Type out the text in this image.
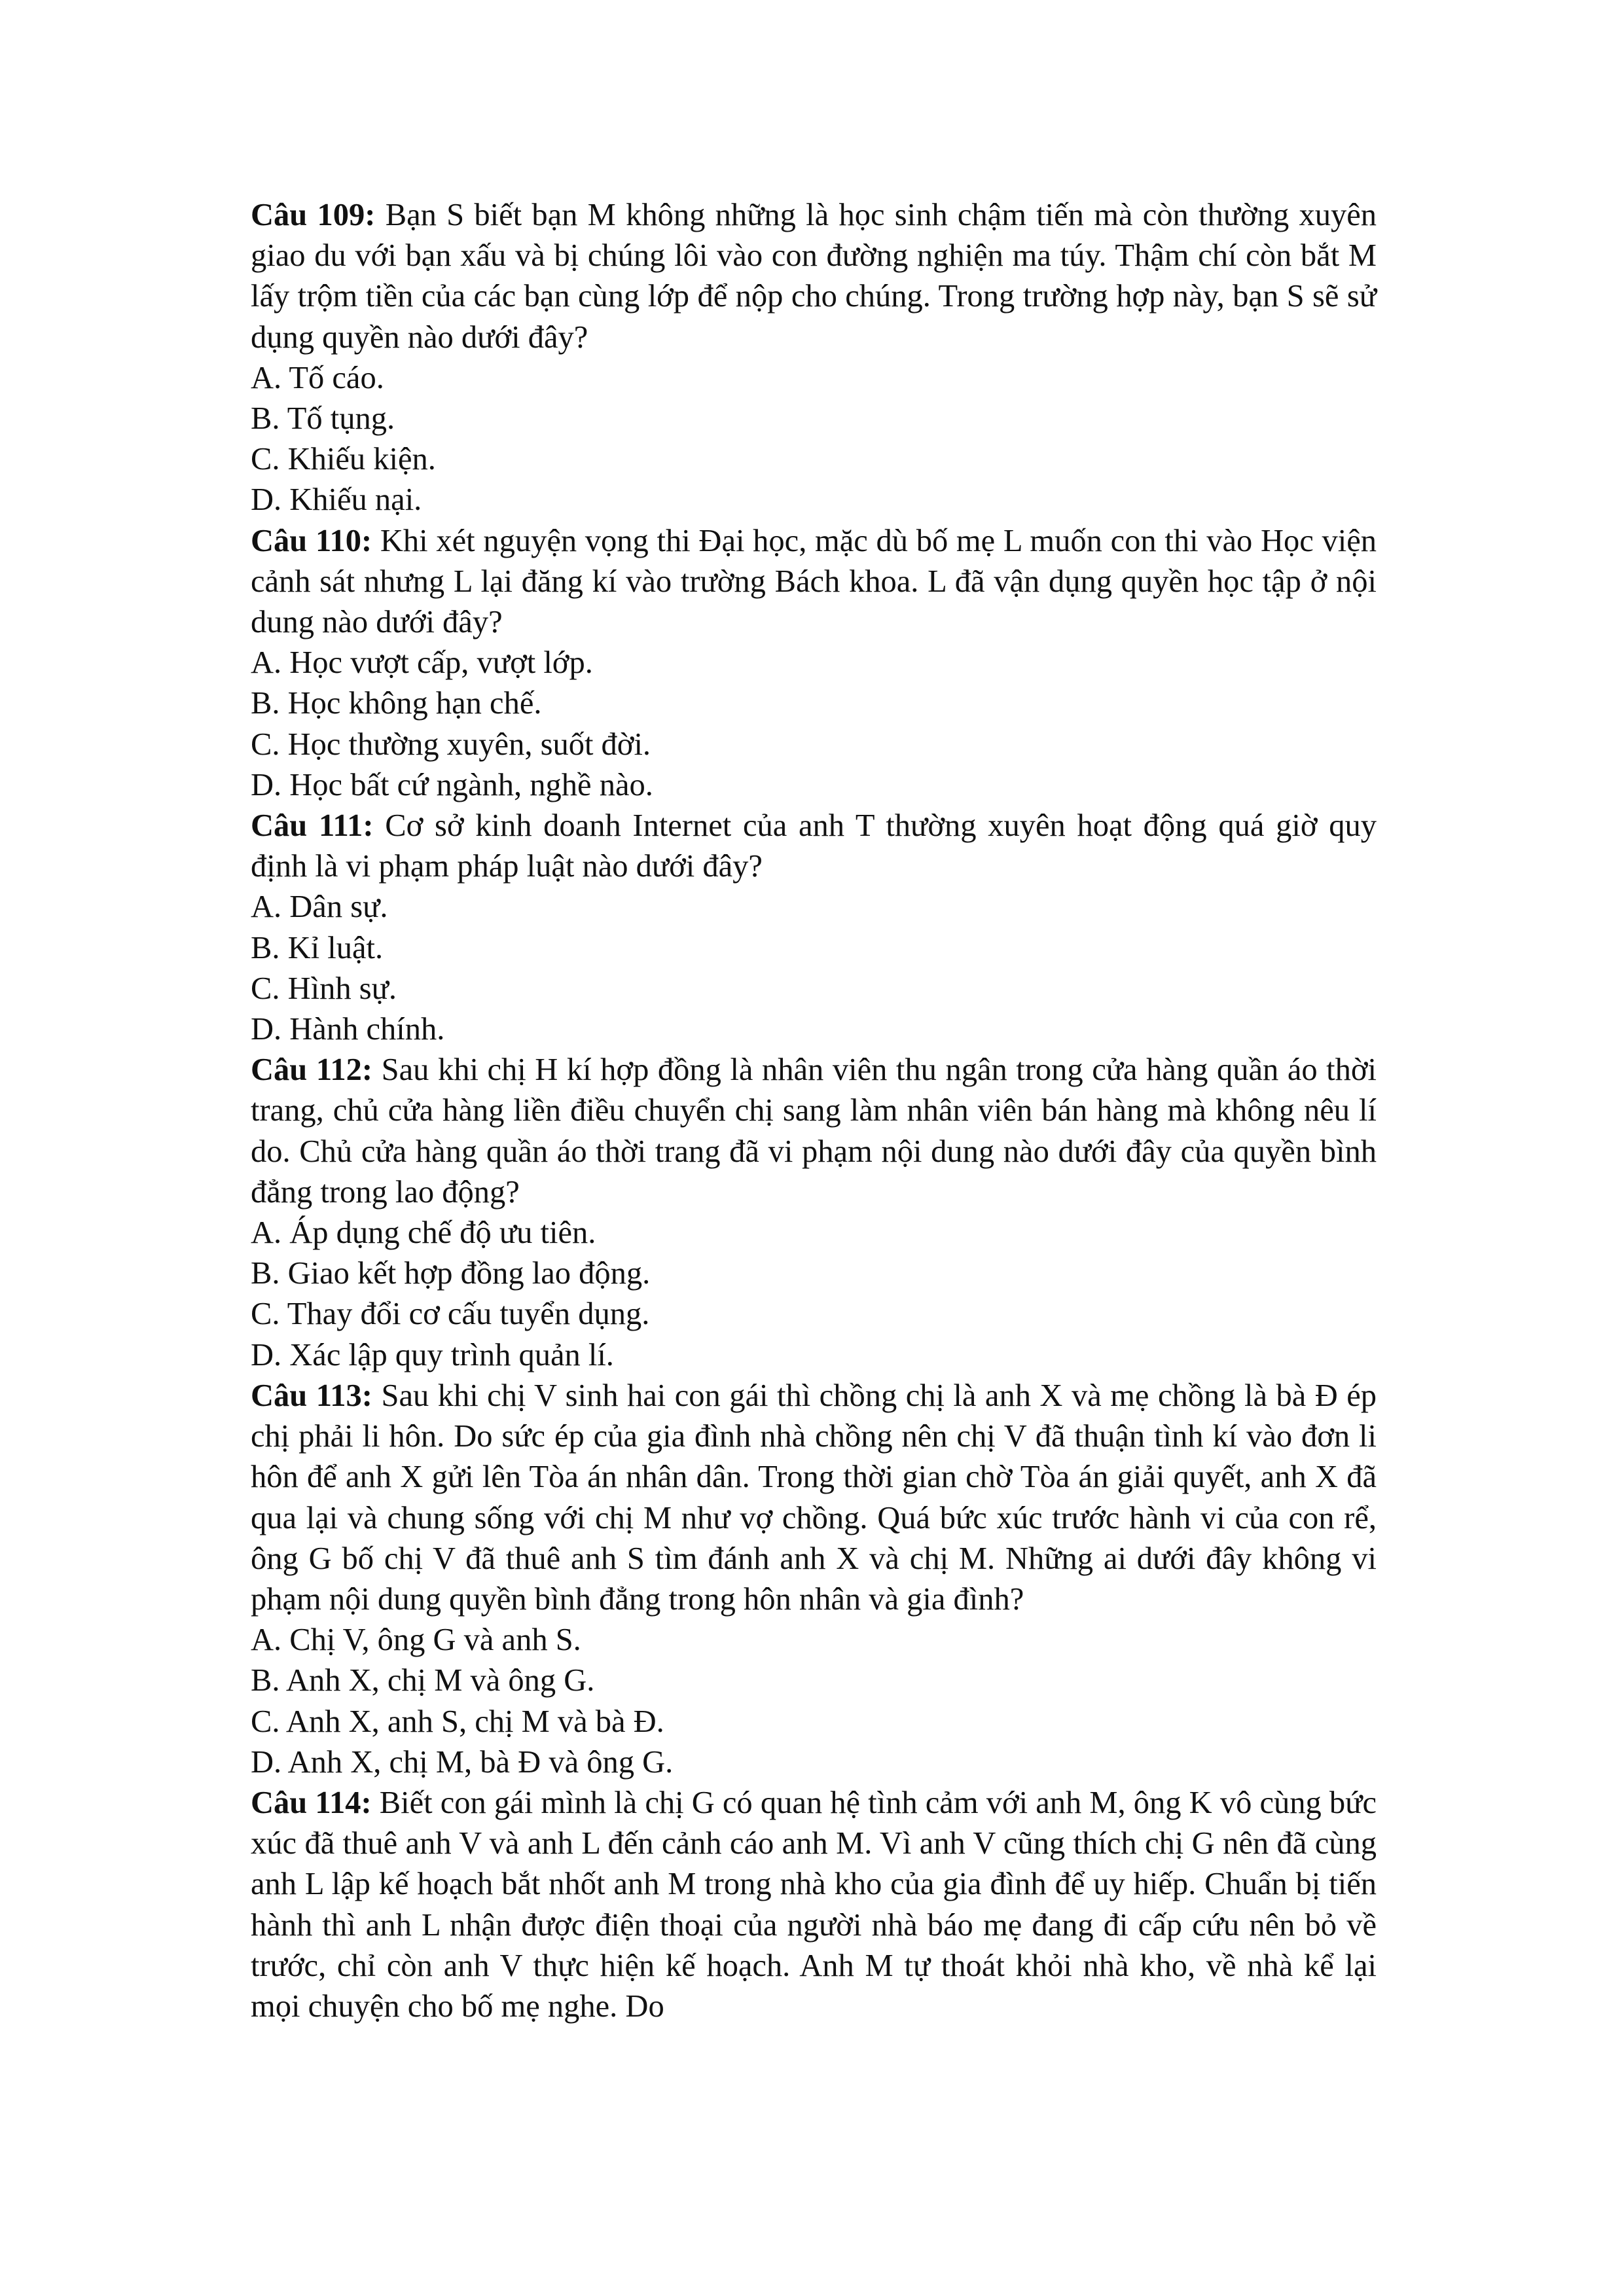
Câu 109: Bạn S biết bạn M không những là học sinh chậm tiến mà còn thường xuyên giao du với bạn xấu và bị chúng lôi vào con đường nghiện ma túy. Thậm chí còn bắt M lấy trộm tiền của các bạn cùng lớp để nộp cho chúng. Trong trường hợp này, bạn S sẽ sử dụng quyền nào dưới đây?

A. Tố cáo.

B. Tố tụng.

C. Khiếu kiện.

D. Khiếu nại.

Câu 110: Khi xét nguyện vọng thi Đại học, mặc dù bố mẹ L muốn con thi vào Học viện cảnh sát nhưng L lại đăng kí vào trường Bách khoa. L đã vận dụng quyền học tập ở nội dung nào dưới đây?

A. Học vượt cấp, vượt lớp.

B. Học không hạn chế.

C. Học thường xuyên, suốt đời.

D. Học bất cứ ngành, nghề nào.

Câu 111: Cơ sở kinh doanh Internet của anh T thường xuyên hoạt động quá giờ quy định là vi phạm pháp luật nào dưới đây?

A. Dân sự.

B. Kỉ luật.

C. Hình sự.

D. Hành chính.

Câu 112: Sau khi chị H kí hợp đồng là nhân viên thu ngân trong cửa hàng quần áo thời trang, chủ cửa hàng liền điều chuyển chị sang làm nhân viên bán hàng mà không nêu lí do. Chủ cửa hàng quần áo thời trang đã vi phạm nội dung nào dưới đây của quyền bình đẳng trong lao động?

A. Áp dụng chế độ ưu tiên.

B. Giao kết hợp đồng lao động.

C. Thay đổi cơ cấu tuyển dụng.

D. Xác lập quy trình quản lí.

Câu 113: Sau khi chị V sinh hai con gái thì chồng chị là anh X và mẹ chồng là bà Đ ép chị phải li hôn. Do sức ép của gia đình nhà chồng nên chị V đã thuận tình kí vào đơn li hôn để anh X gửi lên Tòa án nhân dân. Trong thời gian chờ Tòa án giải quyết, anh X đã qua lại và chung sống với chị M như vợ chồng. Quá bức xúc trước hành vi của con rể, ông G bố chị V đã thuê anh S tìm đánh anh X và chị M. Những ai dưới đây không vi phạm nội dung quyền bình đẳng trong hôn nhân và gia đình?

A. Chị V, ông G và anh S.

B. Anh X, chị M và ông G.

C. Anh X, anh S, chị M và bà Đ.

D. Anh X, chị M, bà Đ và ông G.

Câu 114: Biết con gái mình là chị G có quan hệ tình cảm với anh M, ông K vô cùng bức xúc đã thuê anh V và anh L đến cảnh cáo anh M. Vì anh V cũng thích chị G nên đã cùng anh L lập kế hoạch bắt nhốt anh M trong nhà kho của gia đình để uy hiếp. Chuẩn bị tiến hành thì anh L nhận được điện thoại của người nhà báo mẹ đang đi cấp cứu nên bỏ về trước, chỉ còn anh V thực hiện kế hoạch. Anh M tự thoát khỏi nhà kho, về nhà kể lại mọi chuyện cho bố mẹ nghe. Do
